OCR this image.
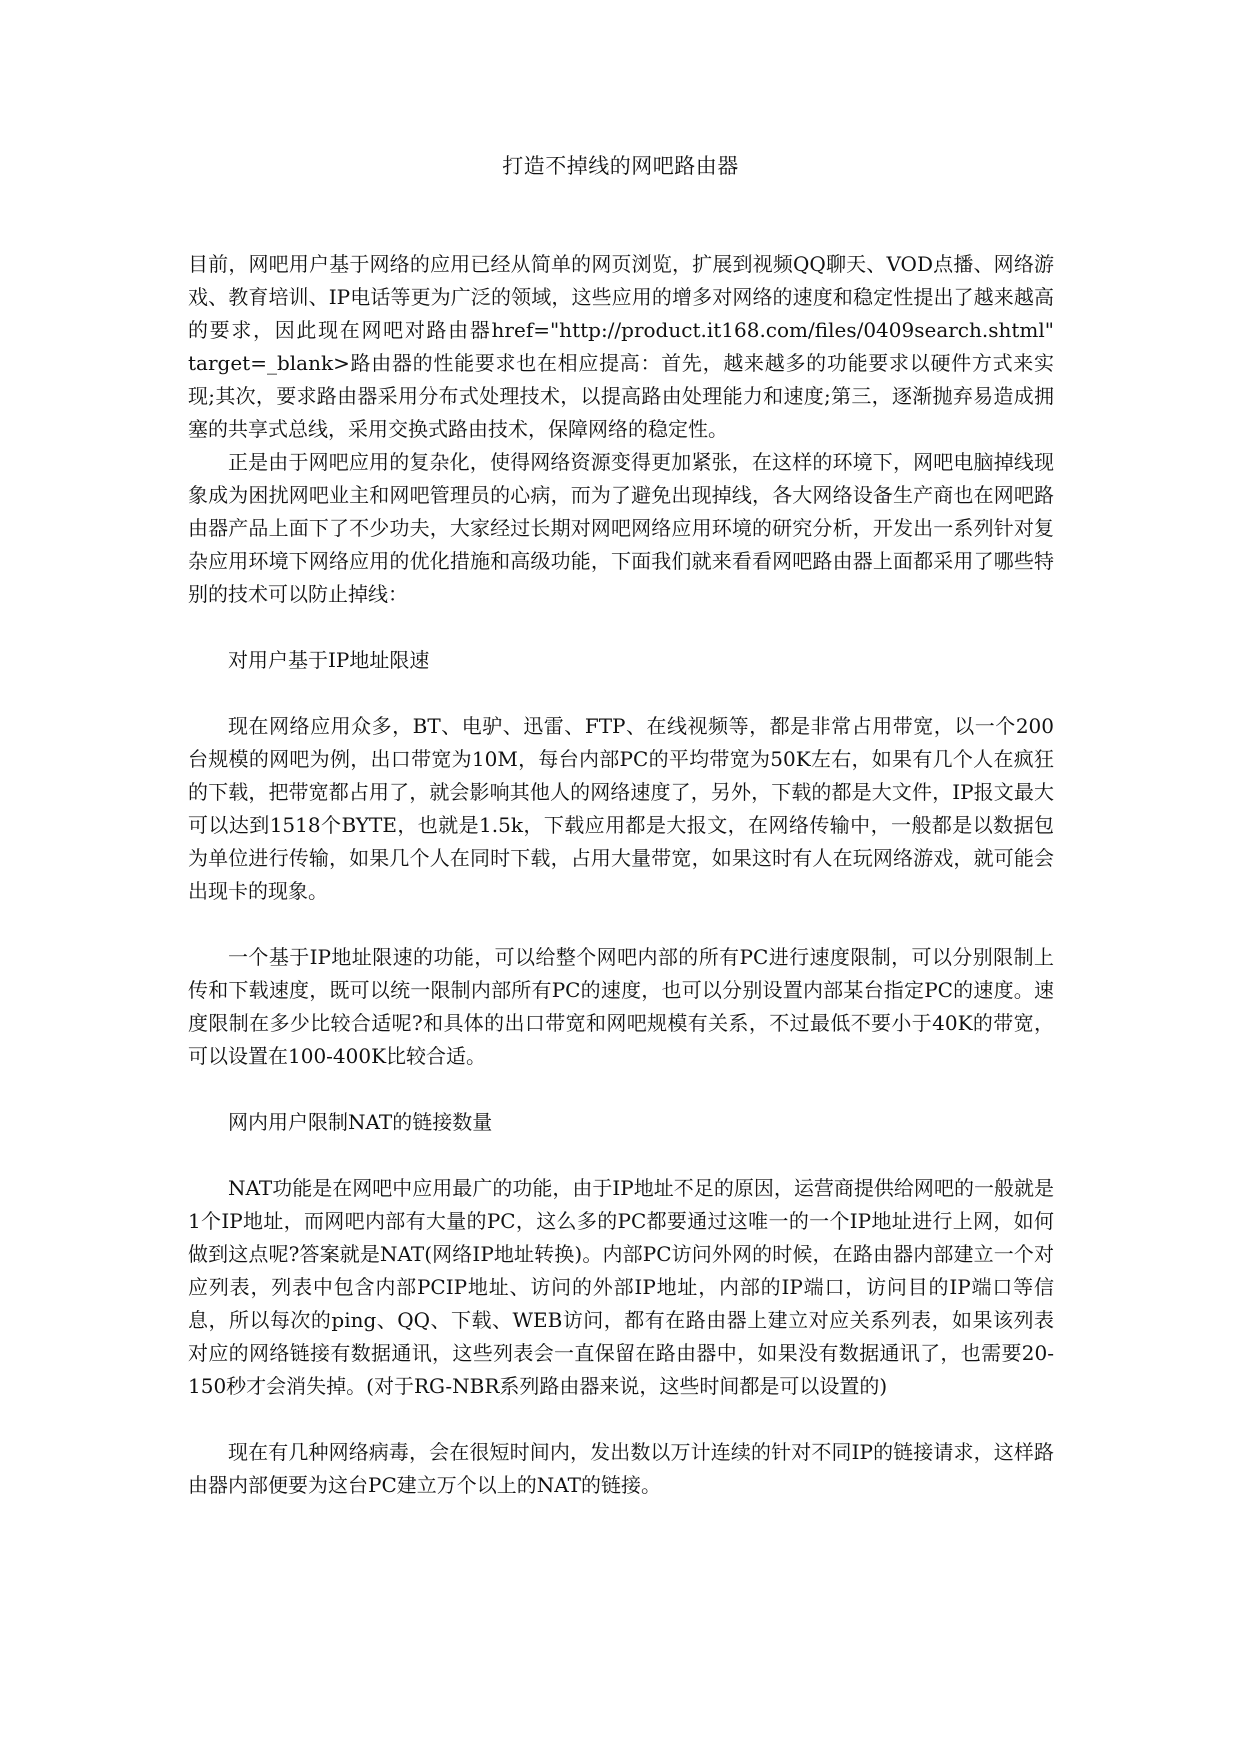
打造不掉线的网吧路由器

目前，网吧用户基于网络的应用已经从简单的网页浏览，扩展到视频QQ聊天、VOD点播、网络游戏、教育培训、IP电话等更为广泛的领域，这些应用的增多对网络的速度和稳定性提出了越来越高的要求，因此现在网吧对路由器href="http://product.it168.com/files/0409search.shtml" target=_blank>路由器的性能要求也在相应提高：首先，越来越多的功能要求以硬件方式来实现;其次，要求路由器采用分布式处理技术，以提高路由处理能力和速度;第三，逐渐抛弃易造成拥塞的共享式总线，采用交换式路由技术，保障网络的稳定性。

正是由于网吧应用的复杂化，使得网络资源变得更加紧张，在这样的环境下，网吧电脑掉线现象成为困扰网吧业主和网吧管理员的心病，而为了避免出现掉线，各大网络设备生产商也在网吧路由器产品上面下了不少功夫，大家经过长期对网吧网络应用环境的研究分析，开发出一系列针对复杂应用环境下网络应用的优化措施和高级功能，下面我们就来看看网吧路由器上面都采用了哪些特别的技术可以防止掉线：

对用户基于IP地址限速

现在网络应用众多，BT、电驴、迅雷、FTP、在线视频等，都是非常占用带宽，以一个200台规模的网吧为例，出口带宽为10M，每台内部PC的平均带宽为50K左右，如果有几个人在疯狂的下载，把带宽都占用了，就会影响其他人的网络速度了，另外，下载的都是大文件，IP报文最大可以达到1518个BYTE，也就是1.5k，下载应用都是大报文，在网络传输中，一般都是以数据包为单位进行传输，如果几个人在同时下载，占用大量带宽，如果这时有人在玩网络游戏，就可能会出现卡的现象。

一个基于IP地址限速的功能，可以给整个网吧内部的所有PC进行速度限制，可以分别限制上传和下载速度，既可以统一限制内部所有PC的速度，也可以分别设置内部某台指定PC的速度。速度限制在多少比较合适呢?和具体的出口带宽和网吧规模有关系，不过最低不要小于40K的带宽，可以设置在100-400K比较合适。

网内用户限制NAT的链接数量

NAT功能是在网吧中应用最广的功能，由于IP地址不足的原因，运营商提供给网吧的一般就是1个IP地址，而网吧内部有大量的PC，这么多的PC都要通过这唯一的一个IP地址进行上网，如何做到这点呢?答案就是NAT(网络IP地址转换)。内部PC访问外网的时候，在路由器内部建立一个对应列表，列表中包含内部PCIP地址、访问的外部IP地址，内部的IP端口，访问目的IP端口等信息，所以每次的ping、QQ、下载、WEB访问，都有在路由器上建立对应关系列表，如果该列表对应的网络链接有数据通讯，这些列表会一直保留在路由器中，如果没有数据通讯了，也需要20-150秒才会消失掉。(对于RG-NBR系列路由器来说，这些时间都是可以设置的)

现在有几种网络病毒，会在很短时间内，发出数以万计连续的针对不同IP的链接请求，这样路由器内部便要为这台PC建立万个以上的NAT的链接。
